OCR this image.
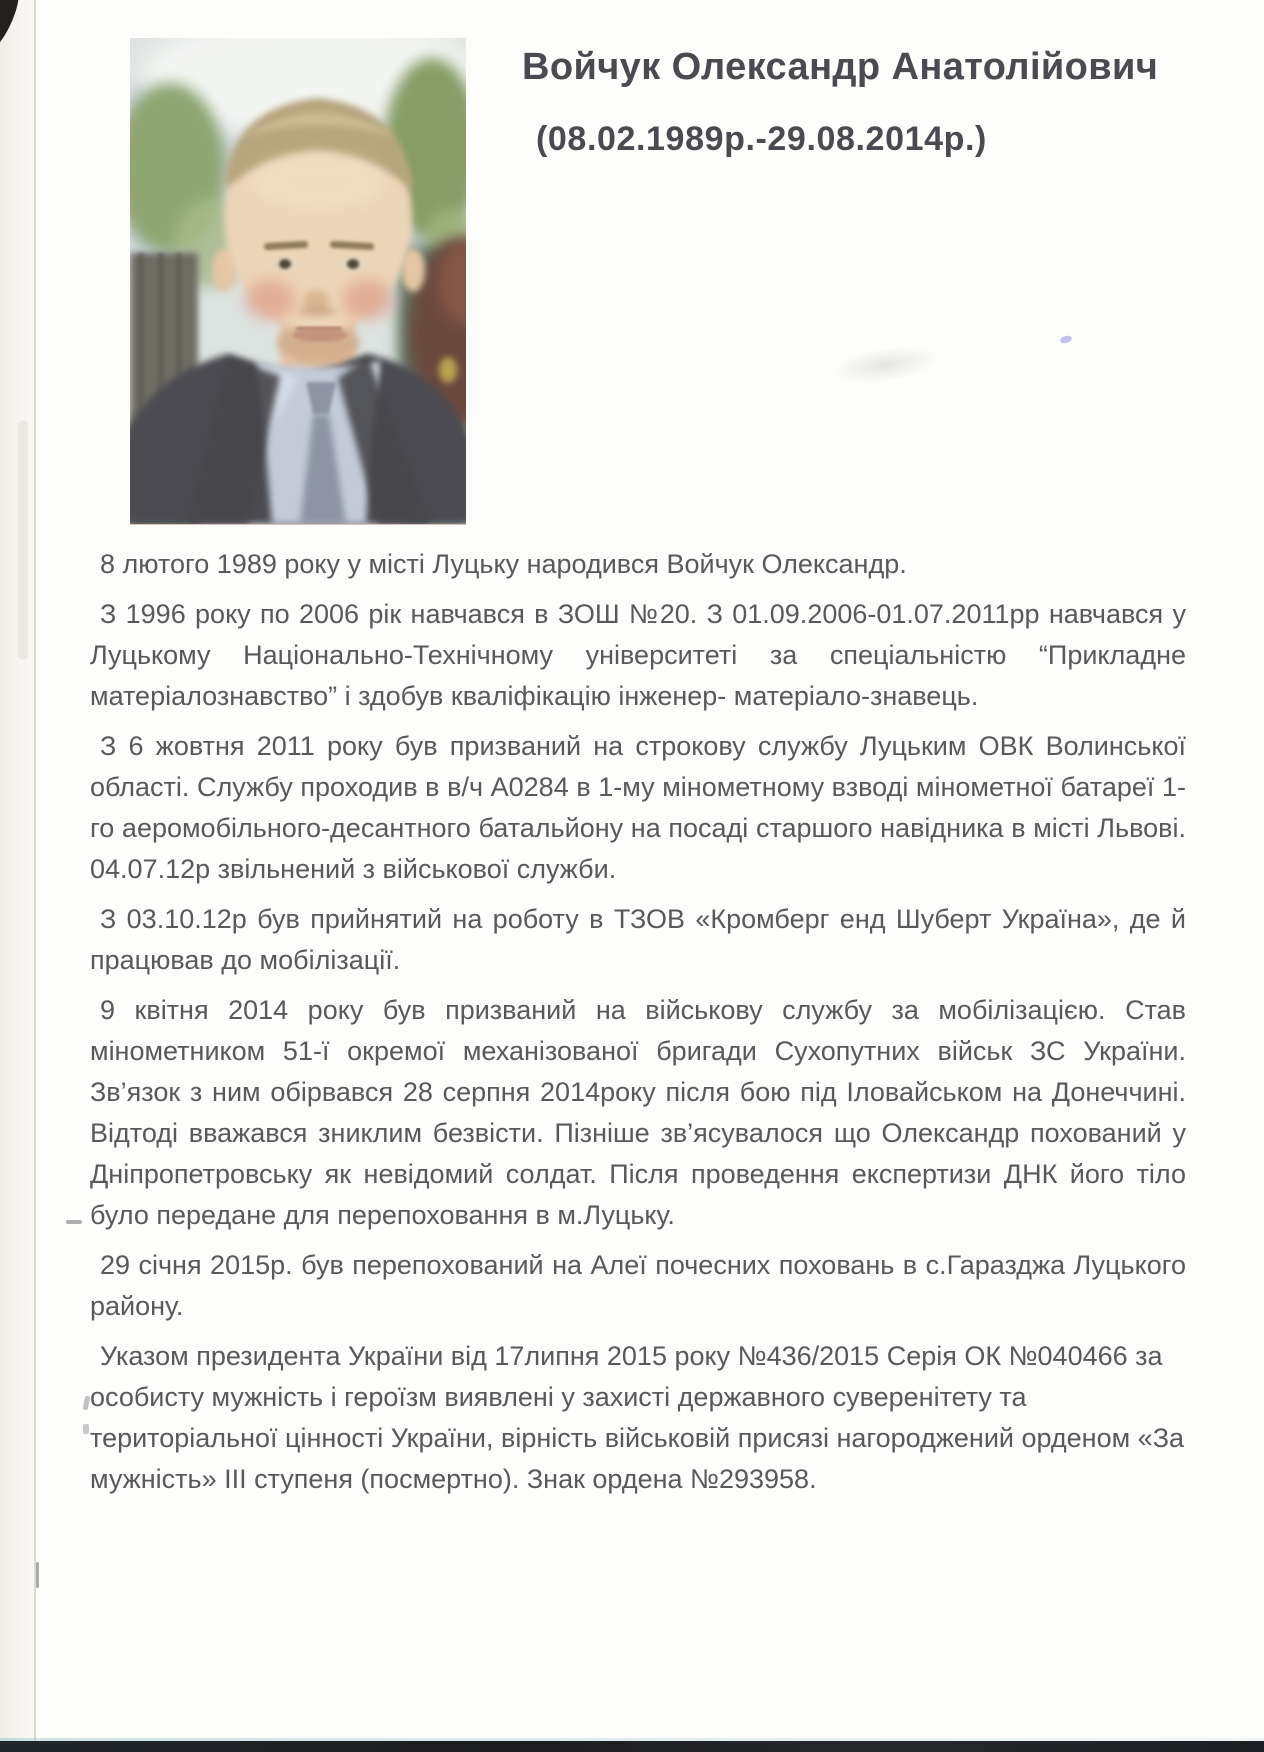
Войчук Олександр Анатолійович
(08.02.1989р.-29.08.2014р.)

8 лютого 1989 року у місті Луцьку народився Войчук Олександр.

З 1996 року по 2006 рік навчався в ЗОШ №20. З 01.09.2006-01.07.2011рр навчався у Луцькому Національно-Технічному університеті за спеціальністю “Прикладне матеріалознавство” і здобув кваліфікацію інженер- матеріало-знавець.

З 6 жовтня 2011 року був призваний на строкову службу Луцьким ОВК Волинської області. Службу проходив в в/ч А0284 в 1-му мінометному взводі мінометної батареї 1-го аеромобільного-десантного батальйону на посаді старшого навідника в місті Львові. 04.07.12р звільнений з військової служби.

З 03.10.12р був прийнятий на роботу в ТЗОВ «Кромберг енд Шуберт Україна», де й працював до мобілізації.

9 квітня 2014 року був призваний на військову службу за мобілізацією. Став мінометником 51-ї окремої механізованої бригади Сухопутних військ ЗС України. Зв’язок з ним обірвався 28 серпня 2014року після бою під Іловайськом на Донеччині. Відтоді вважався зниклим безвісти. Пізніше зв’ясувалося що Олександр похований у Дніпропетровську як невідомий солдат. Після проведення експертизи ДНК його тіло було передане для перепоховання в м.Луцьку.

29 січня 2015р. був перепохований на Алеї почесних поховань в с.Гаразджа Луцького району.

Указом президента України від 17липня 2015 року №436/2015 Серія ОК №040466 за особисту мужність і героїзм виявлені у захисті державного суверенітету та територіальної цінності України, вірність військовій присязі нагороджений орденом «За мужність» ІІІ ступеня (посмертно). Знак ордена №293958.
